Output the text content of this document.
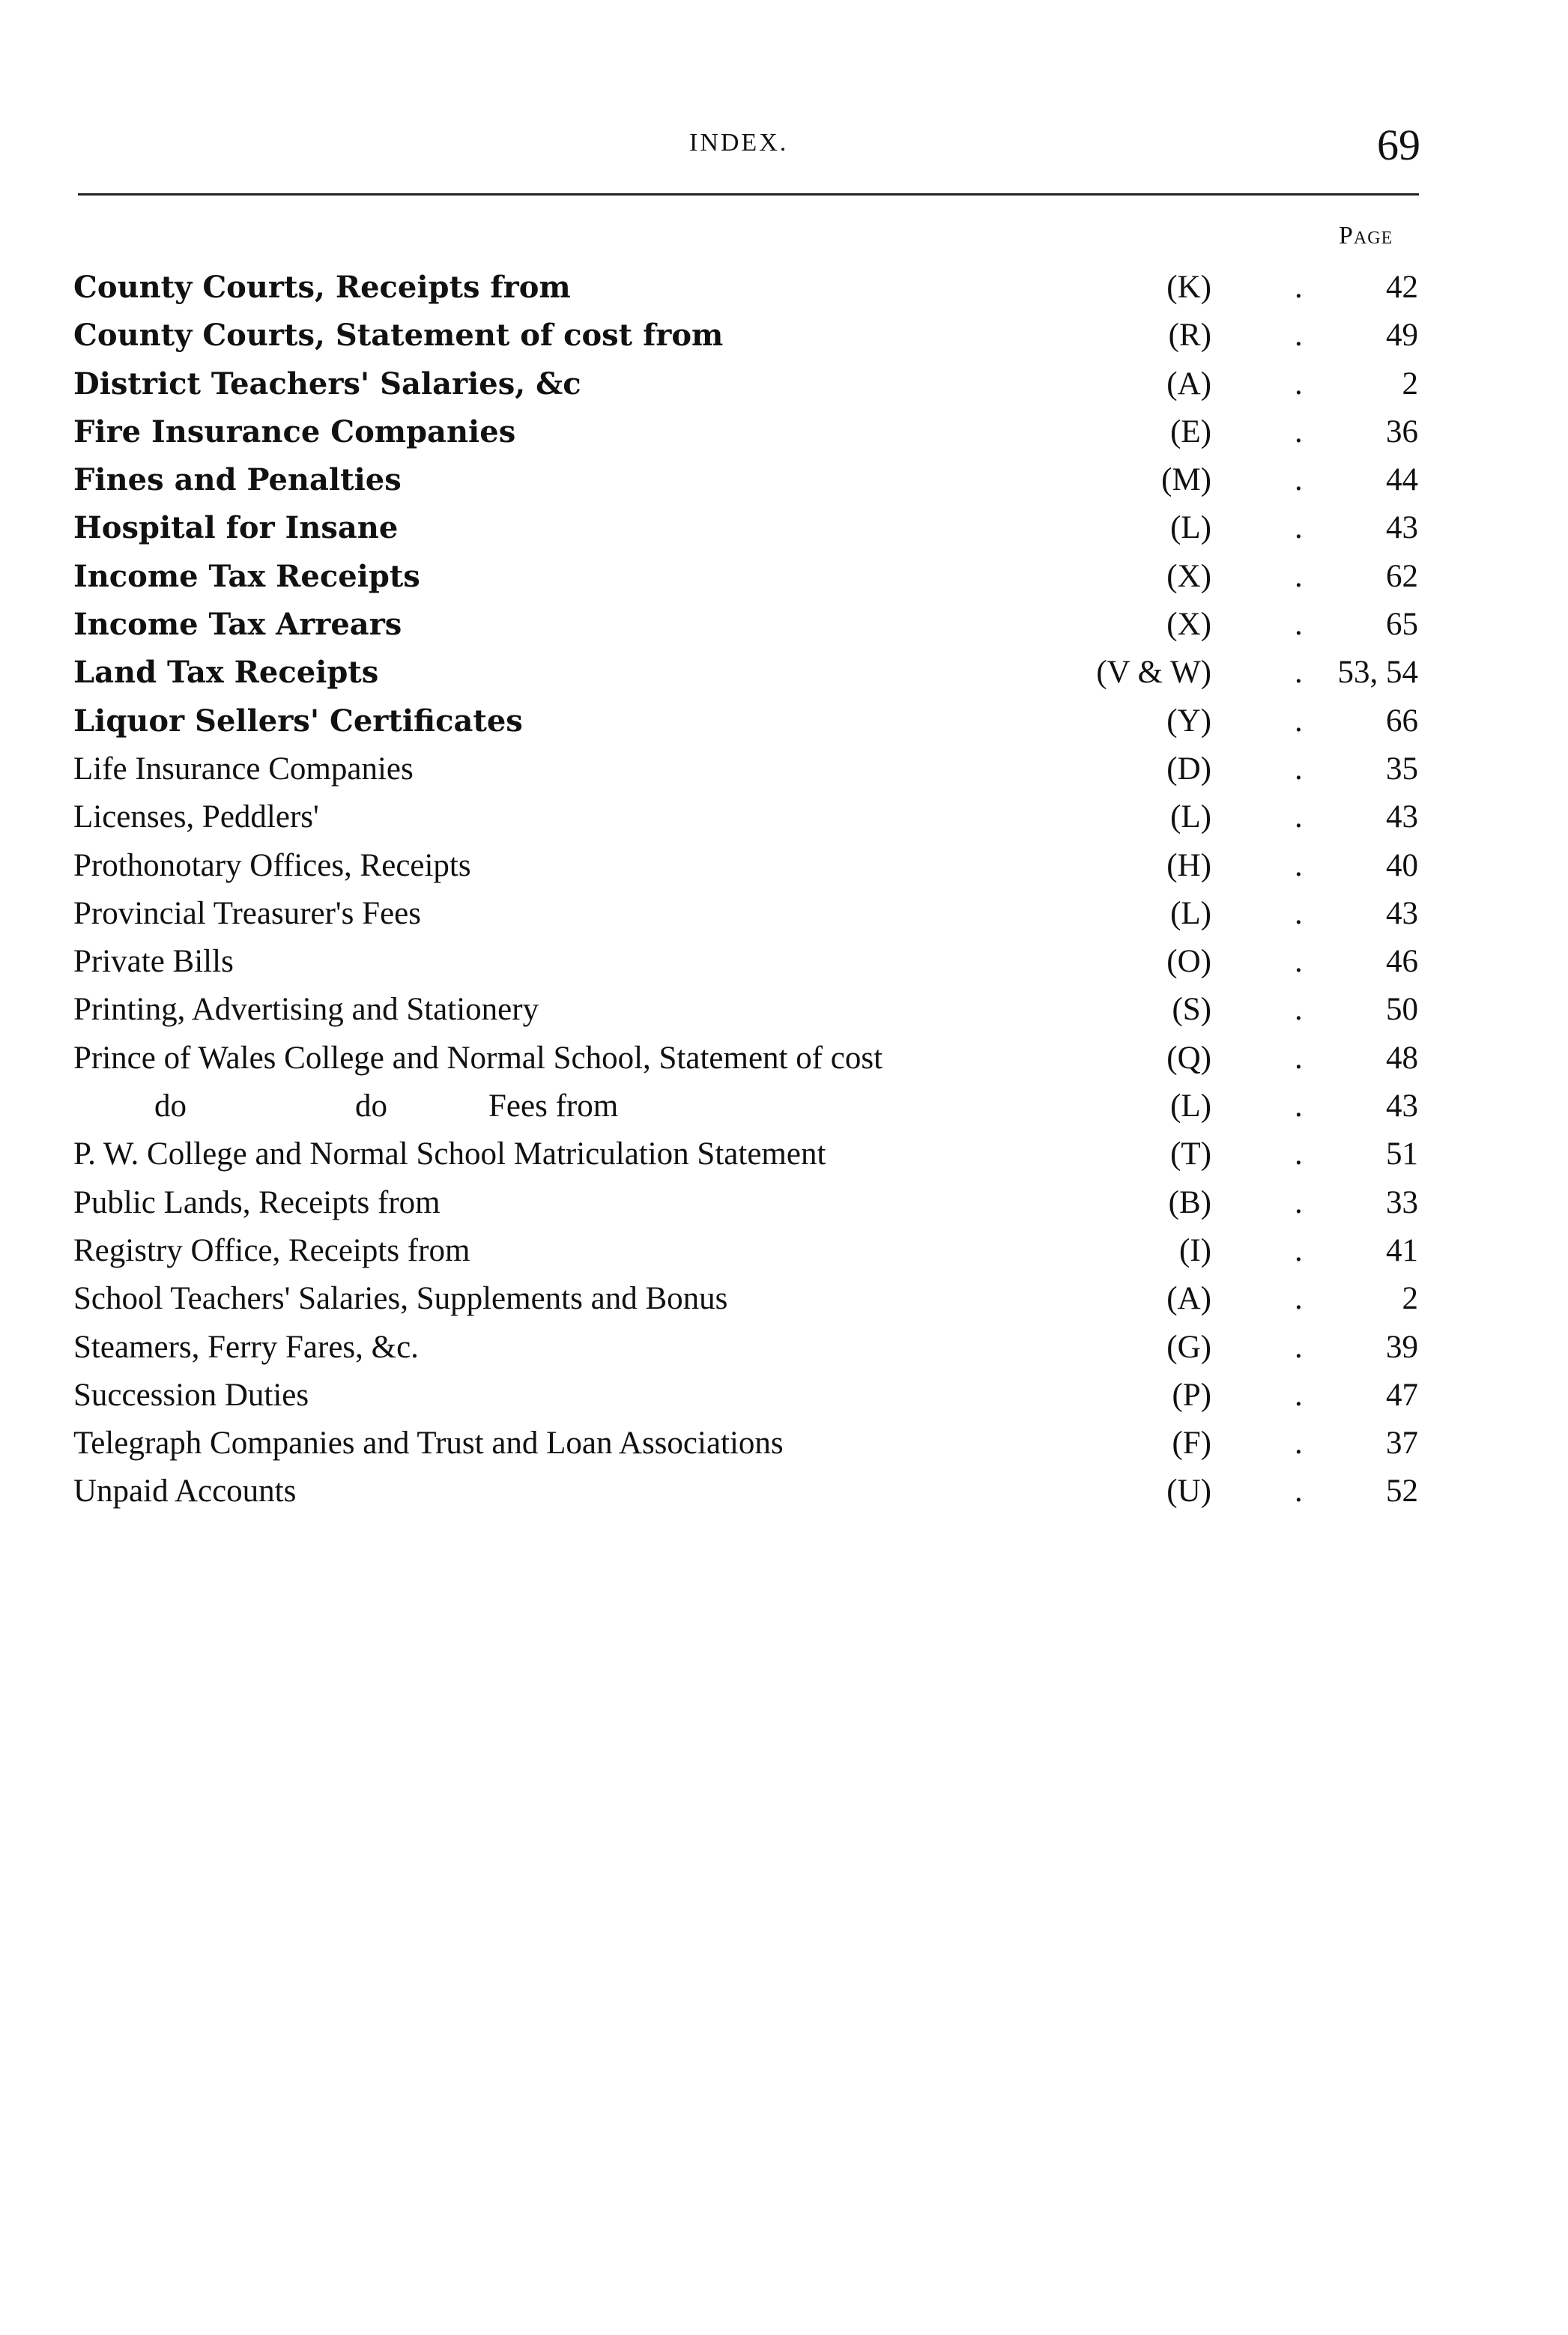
INDEX.	69
Page
County Courts, Receipts from	(K)	.	42
County Courts, Statement of cost from	(R)	.	49
District Teachers' Salaries, &c	(A)	.	2
Fire Insurance Companies	(E)	.	36
Fines and Penalties	(M)	.	44
Hospital for Insane	(L)	.	43
Income Tax Receipts	(X)	.	62
Income Tax Arrears	(X)	.	65
Land Tax Receipts	(V & W)	. 53, 54
Liquor Sellers' Certificates	(Y)	.	66
Life Insurance Companies	(D)	.	35
Licenses, Peddlers'	(L)	.	43
Prothonotary Offices, Receipts	(H)	.	40
Provincial Treasurer's Fees	(L)	.	43
Private Bills	(O)	.	46
Printing, Advertising and Stationery	(S)	.	50
Prince of Wales College and Normal School, Statement of cost	(Q)	.	48
do	do	Fees from	(L)	.	43
P. W. College and Normal School Matriculation Statement	(T)	.	51
Public Lands, Receipts from	(B)	.	33
Registry Office, Receipts from	(I)	.	41
School Teachers' Salaries, Supplements and Bonus	(A)	.	2
Steamers, Ferry Fares, &c.	(G)	.	39
Succession Duties	(P)	.	47
Telegraph Companies and Trust and Loan Associations	(F)	.	37
Unpaid Accounts	(U)	.	52
